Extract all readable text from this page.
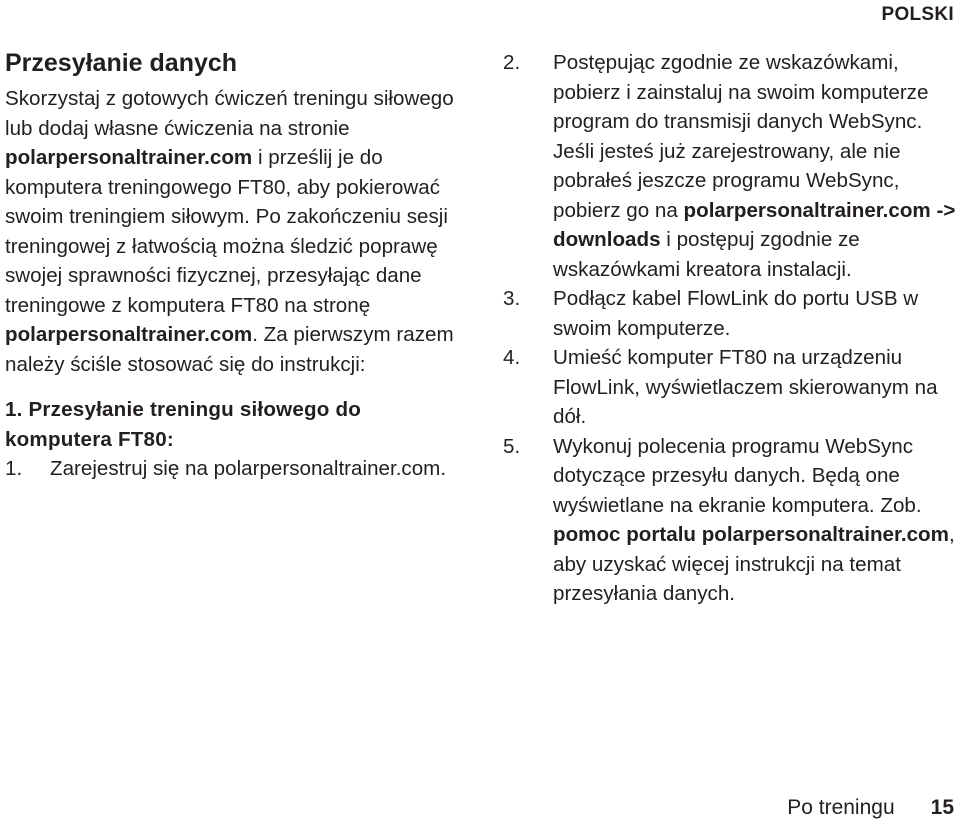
POLSKI
Przesyłanie danych

Skorzystaj z gotowych ćwiczeń treningu siłowego lub dodaj własne ćwiczenia na stronie polarpersonaltrainer.com i prześlij je do komputera treningowego FT80, aby pokierować swoim treningiem siłowym. Po zakończeniu sesji treningowej z łatwością można śledzić poprawę swojej sprawności fizycznej, przesyłając dane treningowe z komputera FT80 na stronę polarpersonaltrainer.com. Za pierwszym razem należy ściśle stosować się do instrukcji:

1. Przesyłanie treningu siłowego do komputera FT80:
1.	Zarejestruj się na polarpersonaltrainer.com.
2.	Postępując zgodnie ze wskazówkami, pobierz i zainstaluj na swoim komputerze program do transmisji danych WebSync.
Jeśli jesteś już zarejestrowany, ale nie pobrałeś jeszcze programu WebSync, pobierz go na polarpersonaltrainer.com -> downloads i postępuj zgodnie ze wskazówkami kreatora instalacji.
3.	Podłącz kabel FlowLink do portu USB w swoim komputerze.
4.	Umieść komputer FT80 na urządzeniu FlowLink, wyświetlaczem skierowanym na dół.
5.	Wykonuj polecenia programu WebSync dotyczące przesyłu danych. Będą one wyświetlane na ekranie komputera. Zob. pomoc portalu polarpersonaltrainer.com, aby uzyskać więcej instrukcji na temat przesyłania danych.
Po treningu 15
